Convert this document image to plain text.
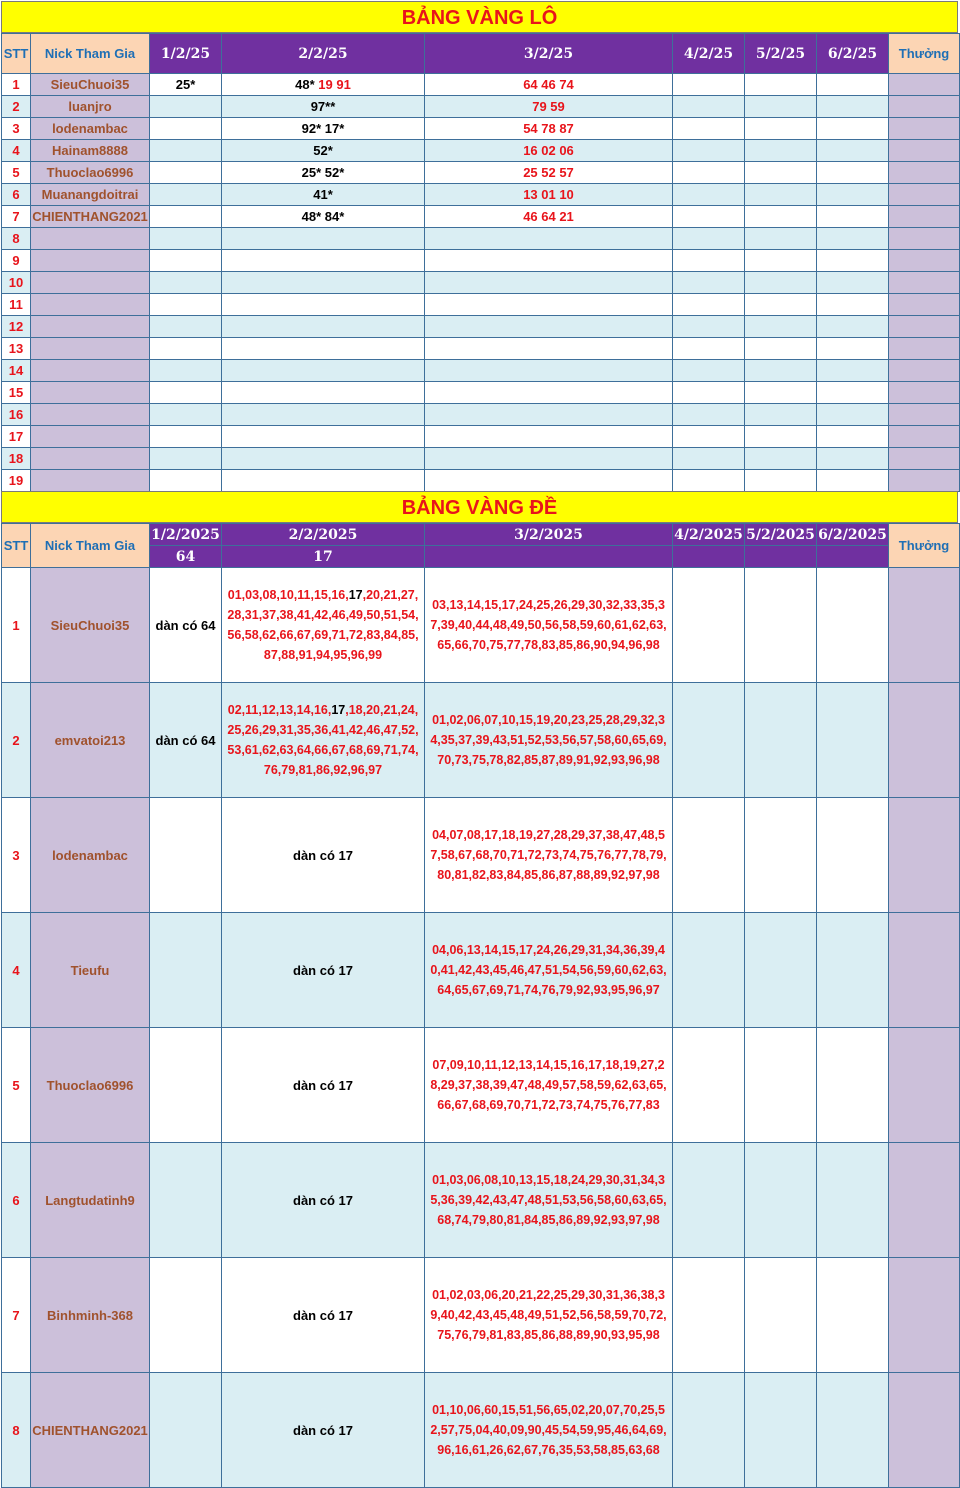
BẢNG VÀNG LÔ
STT	Nick Tham Gia	1/2/25	2/2/25	3/2/25	4/2/25	5/2/25	6/2/25	Thưởng
1	SieuChuoi35	25*	48* 19 91	64 46 74				
2	luanjro		97**	79 59				
3	lodenambac		92* 17*	54 78 87				
4	Hainam8888		52*	16 02 06				
5	Thuoclao6996		25* 52*	25 52 57				
6	Muanangdoitrai		41*	13 01 10				
7	CHIENTHANG2021		48* 84*	46 64 21				
8								
9								
10								
11								
12								
13								
14								
15								
16								
17								
18								
19								
BẢNG VÀNG ĐỀ
STT	Nick Tham Gia	1/2/2025	2/2/2025	3/2/2025	4/2/2025	5/2/2025	6/2/2025	Thưởng
		64	17					
1	SieuChuoi35	dàn có 64	01,03,08,10,11,15,16,17,20,21,27,28,31,37,38,41,42,46,49,50,51,54,56,58,62,66,67,69,71,72,83,84,85,87,88,91,94,95,96,99	03,13,14,15,17,24,25,26,29,30,32,33,35,37,39,40,44,48,49,50,56,58,59,60,61,62,63,65,66,70,75,77,78,83,85,86,90,94,96,98				
2	emvatoi213	dàn có 64	02,11,12,13,14,16,17,18,20,21,24,25,26,29,31,35,36,41,42,46,47,52,53,61,62,63,64,66,67,68,69,71,74,76,79,81,86,92,96,97	01,02,06,07,10,15,19,20,23,25,28,29,32,34,35,37,39,43,51,52,53,56,57,58,60,65,69,70,73,75,78,82,85,87,89,91,92,93,96,98				
3	lodenambac		dàn có 17	04,07,08,17,18,19,27,28,29,37,38,47,48,57,58,67,68,70,71,72,73,74,75,76,77,78,79,80,81,82,83,84,85,86,87,88,89,92,97,98				
4	Tieufu		dàn có 17	04,06,13,14,15,17,24,26,29,31,34,36,39,40,41,42,43,45,46,47,51,54,56,59,60,62,63,64,65,67,69,71,74,76,79,92,93,95,96,97				
5	Thuoclao6996		dàn có 17	07,09,10,11,12,13,14,15,16,17,18,19,27,28,29,37,38,39,47,48,49,57,58,59,62,63,65,66,67,68,69,70,71,72,73,74,75,76,77,83				
6	Langtudatinh9		dàn có 17	01,03,06,08,10,13,15,18,24,29,30,31,34,35,36,39,42,43,47,48,51,53,56,58,60,63,65,68,74,79,80,81,84,85,86,89,92,93,97,98				
7	Binhminh-368		dàn có 17	01,02,03,06,20,21,22,25,29,30,31,36,38,39,40,42,43,45,48,49,51,52,56,58,59,70,72,75,76,79,81,83,85,86,88,89,90,93,95,98				
8	CHIENTHANG2021		dàn có 17	01,10,06,60,15,51,56,65,02,20,07,70,25,52,57,75,04,40,09,90,45,54,59,95,46,64,69,96,16,61,26,62,67,76,35,53,58,85,63,68				
